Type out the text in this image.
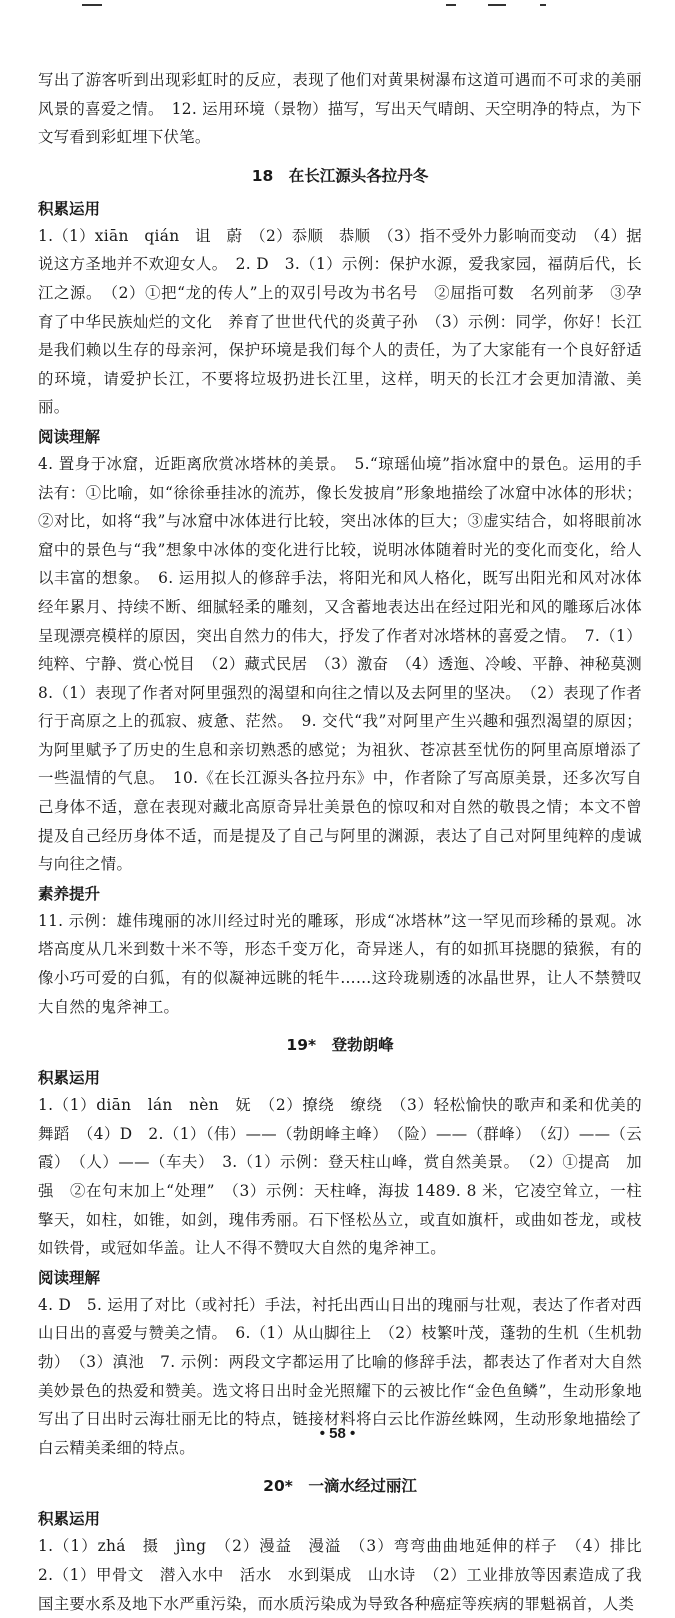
写出了游客听到出现彩虹时的反应，表现了他们对黄果树瀑布这道可遇而不可求的美丽风景的喜爱之情。　12. 运用环境（景物）描写，写出天气晴朗、天空明净的特点，为下文写看到彩虹埋下伏笔。

18　在长江源头各拉丹冬
积累运用

1.（1）xiān　qián　诅　蔚　（2）忝顺　恭顺　（3）指不受外力影响而变动　（4）据说这方圣地并不欢迎女人。　2. D　3.（1）示例：保护水源，爱我家园，福荫后代，长江之源。　（2）①把“龙的传人”上的双引号改为书名号　②屈指可数　名列前茅　③孕育了中华民族灿烂的文化　养育了世世代代的炎黄子孙　（3）示例：同学，你好！长江是我们赖以生存的母亲河，保护环境是我们每个人的责任，为了大家能有一个良好舒适的环境，请爱护长江，不要将垃圾扔进长江里，这样，明天的长江才会更加清澈、美丽。

阅读理解

4. 置身于冰窟，近距离欣赏冰塔林的美景。　5.“琼瑶仙境”指冰窟中的景色。运用的手法有：①比喻，如“徐徐垂挂冰的流苏，像长发披肩”形象地描绘了冰窟中冰体的形状；②对比，如将“我”与冰窟中冰体进行比较，突出冰体的巨大；③虚实结合，如将眼前冰窟中的景色与“我”想象中冰体的变化进行比较，说明冰体随着时光的变化而变化，给人以丰富的想象。　6. 运用拟人的修辞手法，将阳光和风人格化，既写出阳光和风对冰体经年累月、持续不断、细腻轻柔的雕刻，又含蓄地表达出在经过阳光和风的雕琢后冰体呈现漂亮模样的原因，突出自然力的伟大，抒发了作者对冰塔林的喜爱之情。　7.（1）纯粹、宁静、赏心悦目　（2）藏式民居　（3）激奋　（4）透迤、冷峻、平静、神秘莫测　8.（1）表现了作者对阿里强烈的渴望和向往之情以及去阿里的坚决。　（2）表现了作者行于高原之上的孤寂、疲惫、茫然。　9. 交代“我”对阿里产生兴趣和强烈渴望的原因；为阿里赋予了历史的生息和亲切熟悉的感觉；为祖狄、苍凉甚至忧伤的阿里高原增添了一些温情的气息。　10.《在长江源头各拉丹东》中，作者除了写高原美景，还多次写自己身体不适，意在表现对藏北高原奇异壮美景色的惊叹和对自然的敬畏之情；本文不曾提及自己经历身体不适，而是提及了自己与阿里的渊源，表达了自己对阿里纯粹的虔诚与向往之情。

素养提升

11. 示例：雄伟瑰丽的冰川经过时光的雕琢，形成“冰塔林”这一罕见而珍稀的景观。冰塔高度从几米到数十米不等，形态千变万化，奇异迷人，有的如抓耳挠腮的猿猴，有的像小巧可爱的白狐，有的似凝神远眺的牦牛……这玲珑剔透的冰晶世界，让人不禁赞叹大自然的鬼斧神工。

19*　登勃朗峰
积累运用

1.（1）diān　lán　nèn　妩　（2）撩绕　缭绕　（3）轻松愉快的歌声和柔和优美的舞蹈　（4）D　2.（1）（伟）——（勃朗峰主峰）　（险）——（群峰）　（幻）——（云霞）　（人）——（车夫）　3.（1）示例：登天柱山峰，赏自然美景。　（2）①提高　加强　②在句末加上“处理”　（3）示例：天柱峰，海拔 1489. 8 米，它凌空耸立，一柱擎天，如柱，如锥，如剑，瑰伟秀丽。石下怪松丛立，或直如旗杆，或曲如苍龙，或枝如铁骨，或冠如华盖。让人不得不赞叹大自然的鬼斧神工。

阅读理解

4. D　5. 运用了对比（或衬托）手法，衬托出西山日出的瑰丽与壮观，表达了作者对西山日出的喜爱与赞美之情。　6.（1）从山脚往上　（2）枝繁叶茂，蓬勃的生机（生机勃勃）　（3）滇池　7. 示例：两段文字都运用了比喻的修辞手法，都表达了作者对大自然美妙景色的热爱和赞美。选文将日出时金光照耀下的云被比作“金色鱼鳞”，生动形象地写出了日出时云海壮丽无比的特点，链接材料将白云比作游丝蛛网，生动形象地描绘了白云精美柔细的特点。

20*　一滴水经过丽江
积累运用

1.（1）zhá　摄　jìng　（2）漫益　漫溢　（3）弯弯曲曲地延伸的样子　（4）排比　2.（1）甲骨文　潜入水中　活水　水到渠成　山水诗　（2）工业排放等因素造成了我国主要水系及地下水严重污染，而水质污染成为导致各种癌症等疾病的罪魁祸首，人类

• 58 •
